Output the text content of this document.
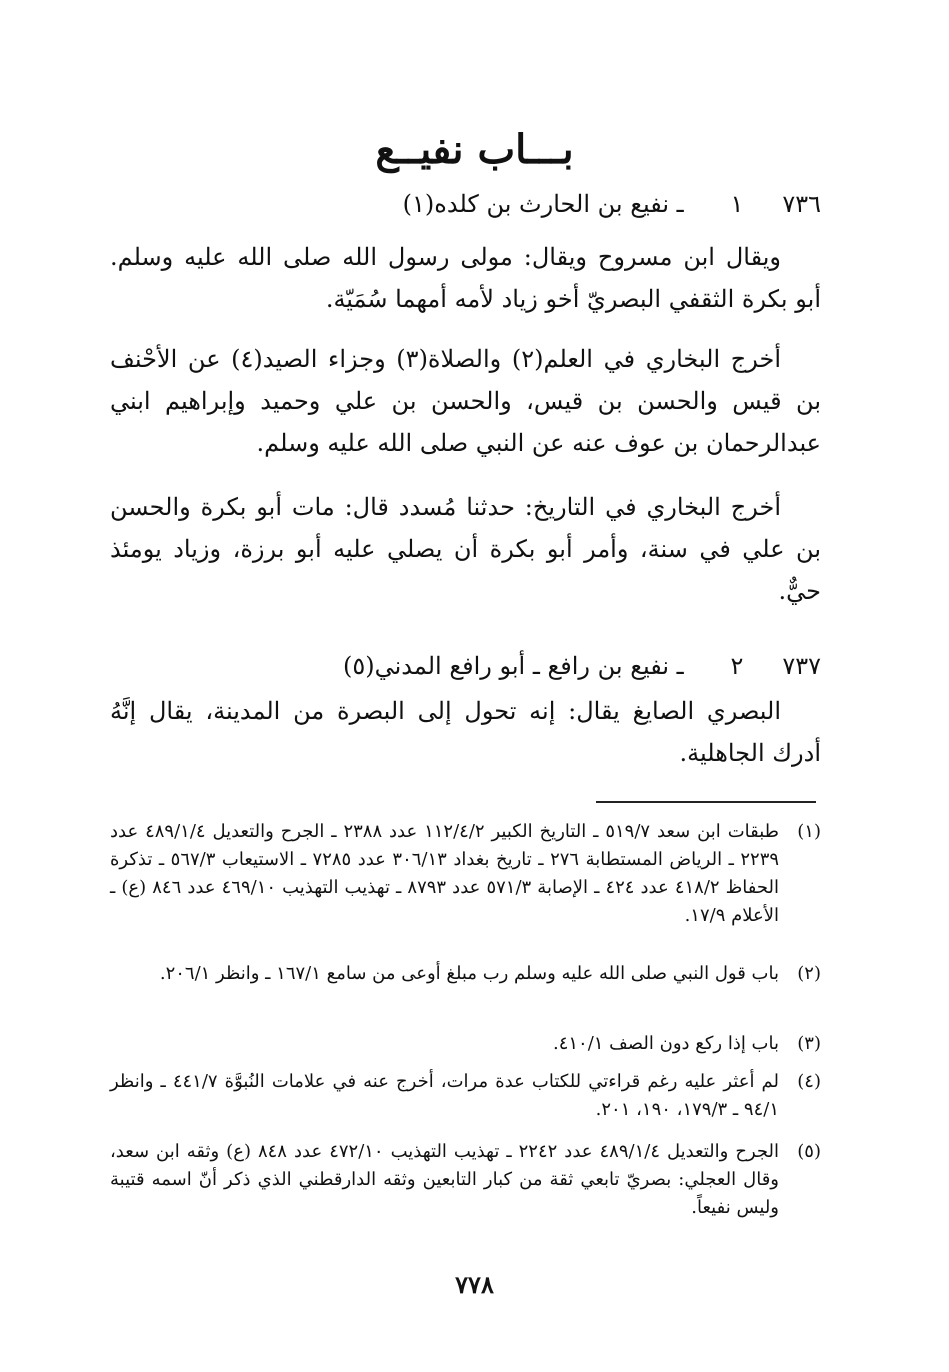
بـــاب نفيــع
٧٣٦ ١ ـ نفيع بن الحارث بن كلده(١)

ويقال ابن مسروح ويقال: مولى رسول الله صلى الله عليه وسلم. أبو بكرة الثقفي البصريّ أخو زياد لأمه أمهما سُمَيّة.

أخرج البخاري في العلم(٢) والصلاة(٣) وجزاء الصيد(٤) عن الأحْنف بن قيس والحسن بن قيس، والحسن بن علي وحميد وإبراهيم ابني عبدالرحمان بن عوف عنه عن النبي صلى الله عليه وسلم.

أخرج البخاري في التاريخ: حدثنا مُسدد قال: مات أبو بكرة والحسن بن علي في سنة، وأمر أبو بكرة أن يصلي عليه أبو برزة، وزياد يومئذ حيٌّ.

٧٣٧ ٢ ـ نفيع بن رافع ـ أبو رافع المدني(٥)

البصري الصايغ يقال: إنه تحول إلى البصرة من المدينة، يقال إنَّهُ أدرك الجاهلية.

(١)
طبقات ابن سعد ٥١٩/٧ ـ التاريخ الكبير ١١٢/٤/٢ عدد ٢٣٨٨ ـ الجرح والتعديل ٤٨٩/١/٤ عدد ٢٢٣٩ ـ الرياض المستطابة ٢٧٦ ـ تاريخ بغداد ٣٠٦/١٣ عدد ٧٢٨٥ ـ الاستيعاب ٥٦٧/٣ ـ تذكرة الحفاظ ٤١٨/٢ عدد ٤٢٤ ـ الإصابة ٥٧١/٣ عدد ٨٧٩٣ ـ تهذيب التهذيب ٤٦٩/١٠ عدد ٨٤٦ (ع) ـ الأعلام ١٧/٩.
(٢)
باب قول النبي صلى الله عليه وسلم رب مبلغ أوعى من سامع ١٦٧/١ ـ وانظر ٢٠٦/١.
(٣)
باب إذا ركع دون الصف ٤١٠/١.
(٤)
لم أعثر عليه رغم قراءتي للكتاب عدة مرات، أخرج عنه في علامات النُبوَّة ٤٤١/٧ ـ وانظر ٩٤/١ ـ ١٧٩/٣، ١٩٠، ٢٠١.
(٥)
الجرح والتعديل ٤٨٩/١/٤ عدد ٢٢٤٢ ـ تهذيب التهذيب ٤٧٢/١٠ عدد ٨٤٨ (ع) وثقه ابن سعد، وقال العجلي: بصريّ تابعي ثقة من كبار التابعين وثقه الدارقطني الذي ذكر أنّ اسمه قتيبة وليس نفيعاً.
٧٧٨
